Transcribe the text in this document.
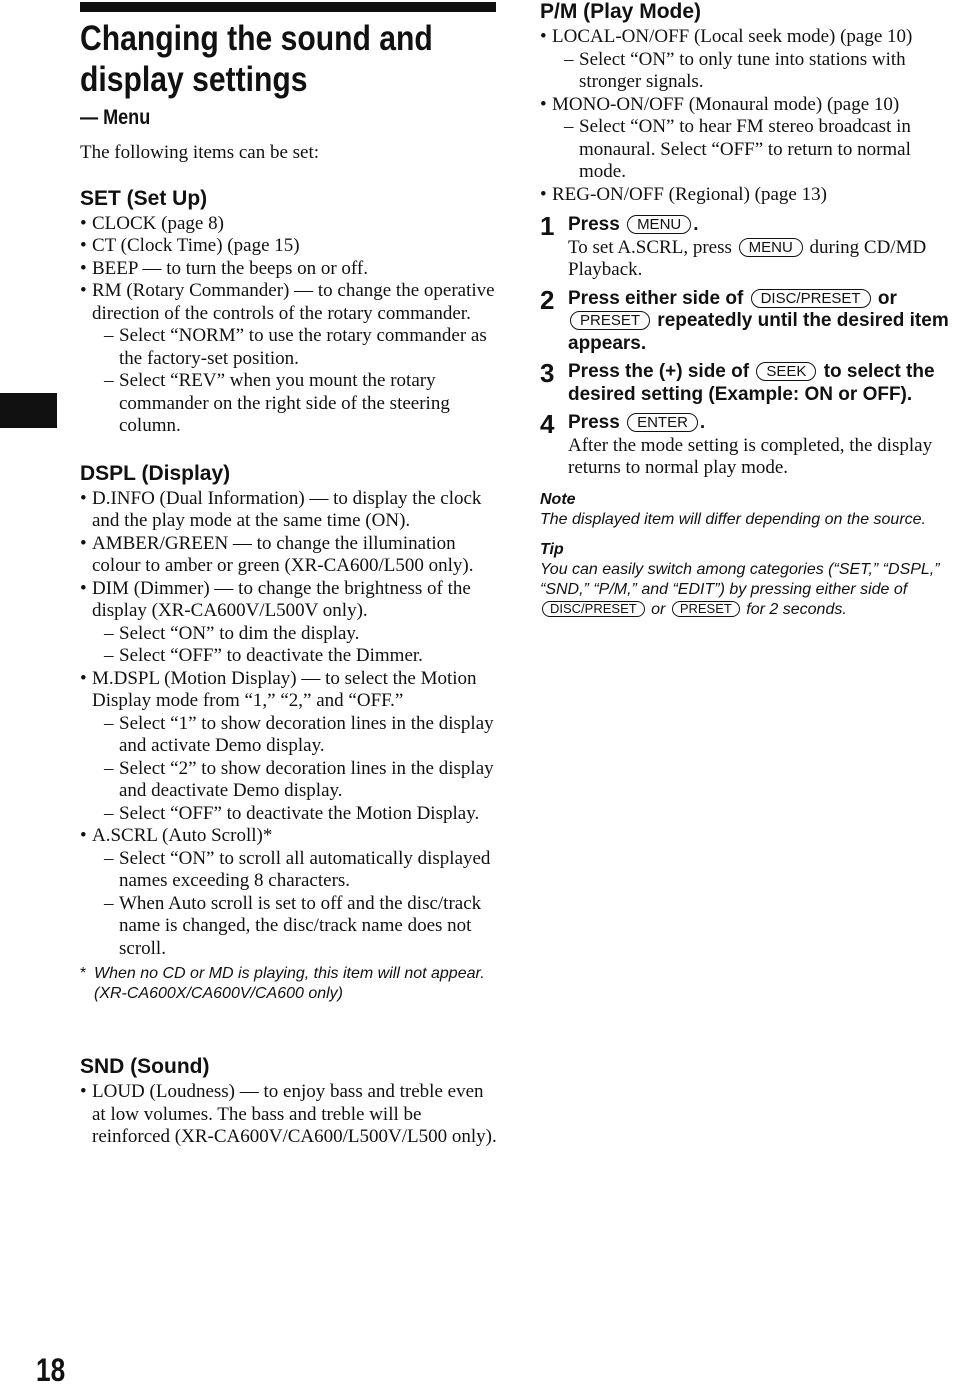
Changing the sound and
display settings
— Menu
The following items can be set:
SET (Set Up)
• CLOCK (page 8)
• CT (Clock Time) (page 15)
• BEEP — to turn the beeps on or off.
• RM (Rotary Commander) — to change the operative direction of the controls of the rotary commander.
– Select “NORM” to use the rotary commander as the factory-set position.
– Select “REV” when you mount the rotary commander on the right side of the steering column.
DSPL (Display)
• D.INFO (Dual Information) — to display the clock and the play mode at the same time (ON).
• AMBER/GREEN — to change the illumination colour to amber or green (XR-CA600/L500 only).
• DIM (Dimmer) — to change the brightness of the display (XR-CA600V/L500V only).
– Select “ON” to dim the display.
– Select “OFF” to deactivate the Dimmer.
• M.DSPL (Motion Display) — to select the Motion Display mode from “1,” “2,” and “OFF.”
– Select “1” to show decoration lines in the display and activate Demo display.
– Select “2” to show decoration lines in the display and deactivate Demo display.
– Select “OFF” to deactivate the Motion Display.
• A.SCRL (Auto Scroll)*
– Select “ON” to scroll all automatically displayed names exceeding 8 characters.
– When Auto scroll is set to off and the disc/track name is changed, the disc/track name does not scroll.
* When no CD or MD is playing, this item will not appear. (XR-CA600X/CA600V/CA600 only)
SND (Sound)
• LOUD (Loudness) — to enjoy bass and treble even at low volumes. The bass and treble will be reinforced (XR-CA600V/CA600/L500V/L500 only).
P/M (Play Mode)
• LOCAL-ON/OFF (Local seek mode) (page 10)
– Select “ON” to only tune into stations with stronger signals.
• MONO-ON/OFF (Monaural mode) (page 10)
– Select “ON” to hear FM stereo broadcast in monaural. Select “OFF” to return to normal mode.
• REG-ON/OFF (Regional) (page 13)
1 Press MENU .
To set A.SCRL, press MENU during CD/MD Playback.
2 Press either side of DISC/PRESET or PRESET repeatedly until the desired item appears.
3 Press the (+) side of SEEK to select the desired setting (Example: ON or OFF).
4 Press ENTER .
After the mode setting is completed, the display returns to normal play mode.
Note
The displayed item will differ depending on the source.
Tip
You can easily switch among categories (“SET,” “DSPL,” “SND,” “P/M,” and “EDIT”) by pressing either side of DISC/PRESET or PRESET for 2 seconds.
18
